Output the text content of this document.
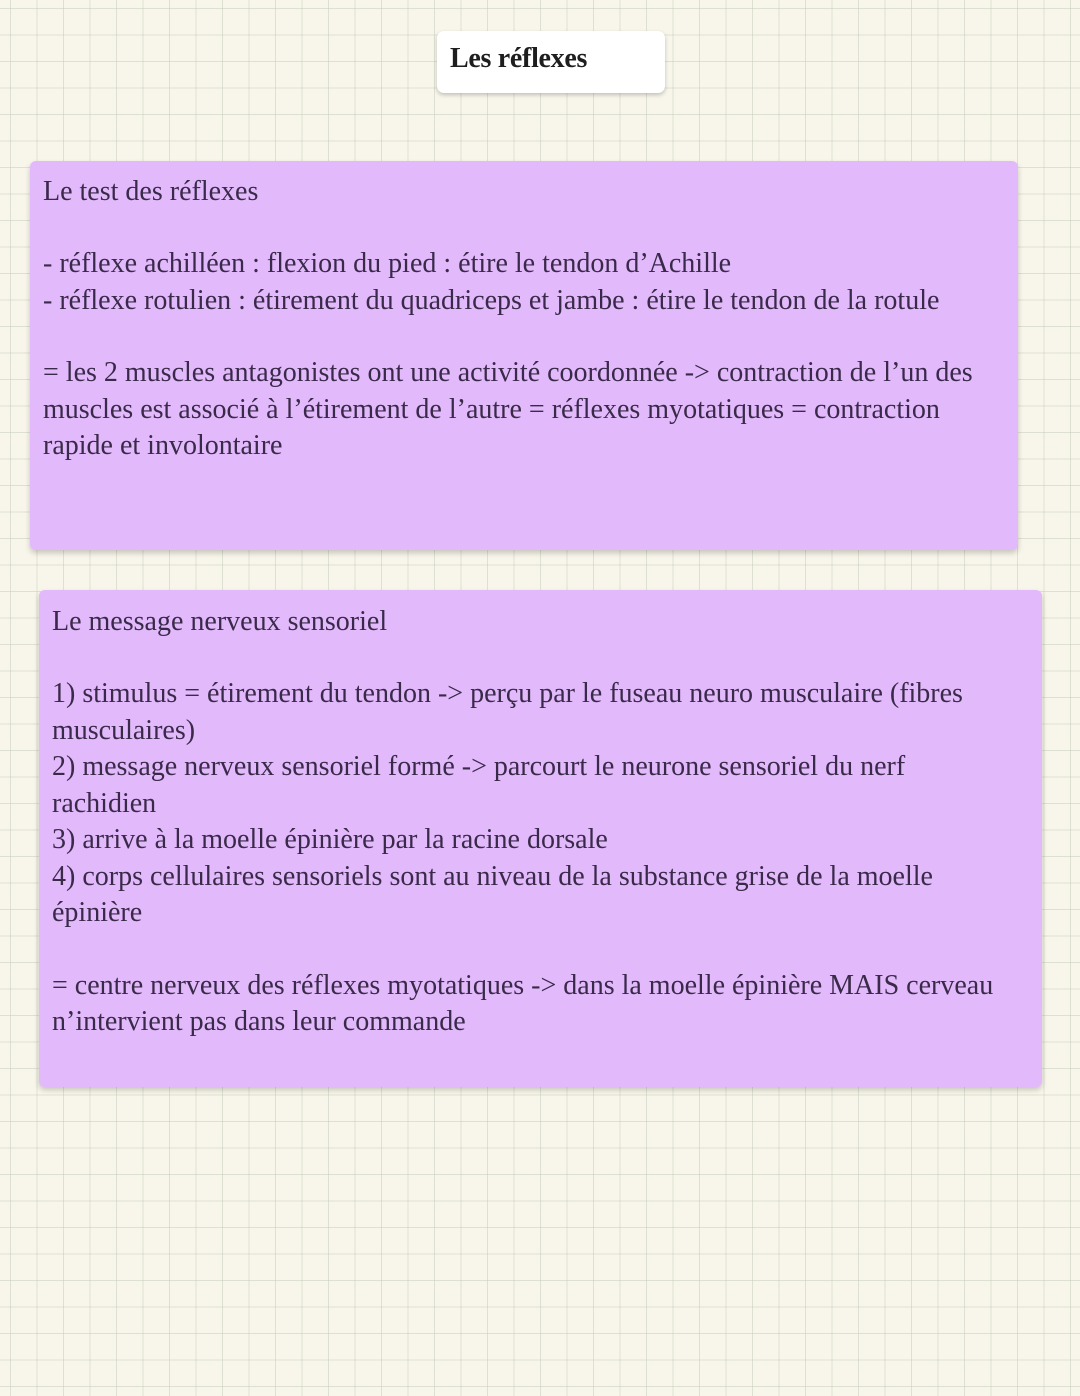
Les réflexes

Le test des réflexes

- réflexe achilléen : flexion du pied : étire le tendon d’Achille

- réflexe rotulien : étirement du quadriceps et jambe : étire le tendon de la rotule

= les 2 muscles antagonistes ont une activité coordonnée -> contraction de l’un des

muscles est associé à l’étirement de l’autre = réflexes myotatiques = contraction

rapide et involontaire

Le message nerveux sensoriel

1) stimulus = étirement du tendon -> perçu par le fuseau neuro musculaire (fibres

musculaires)

2) message nerveux sensoriel formé -> parcourt le neurone sensoriel du nerf

rachidien

3) arrive à la moelle épinière par la racine dorsale

4) corps cellulaires sensoriels sont au niveau de la substance grise de la moelle

épinière

= centre nerveux des réflexes myotatiques -> dans la moelle épinière MAIS cerveau

n’intervient pas dans leur commande
